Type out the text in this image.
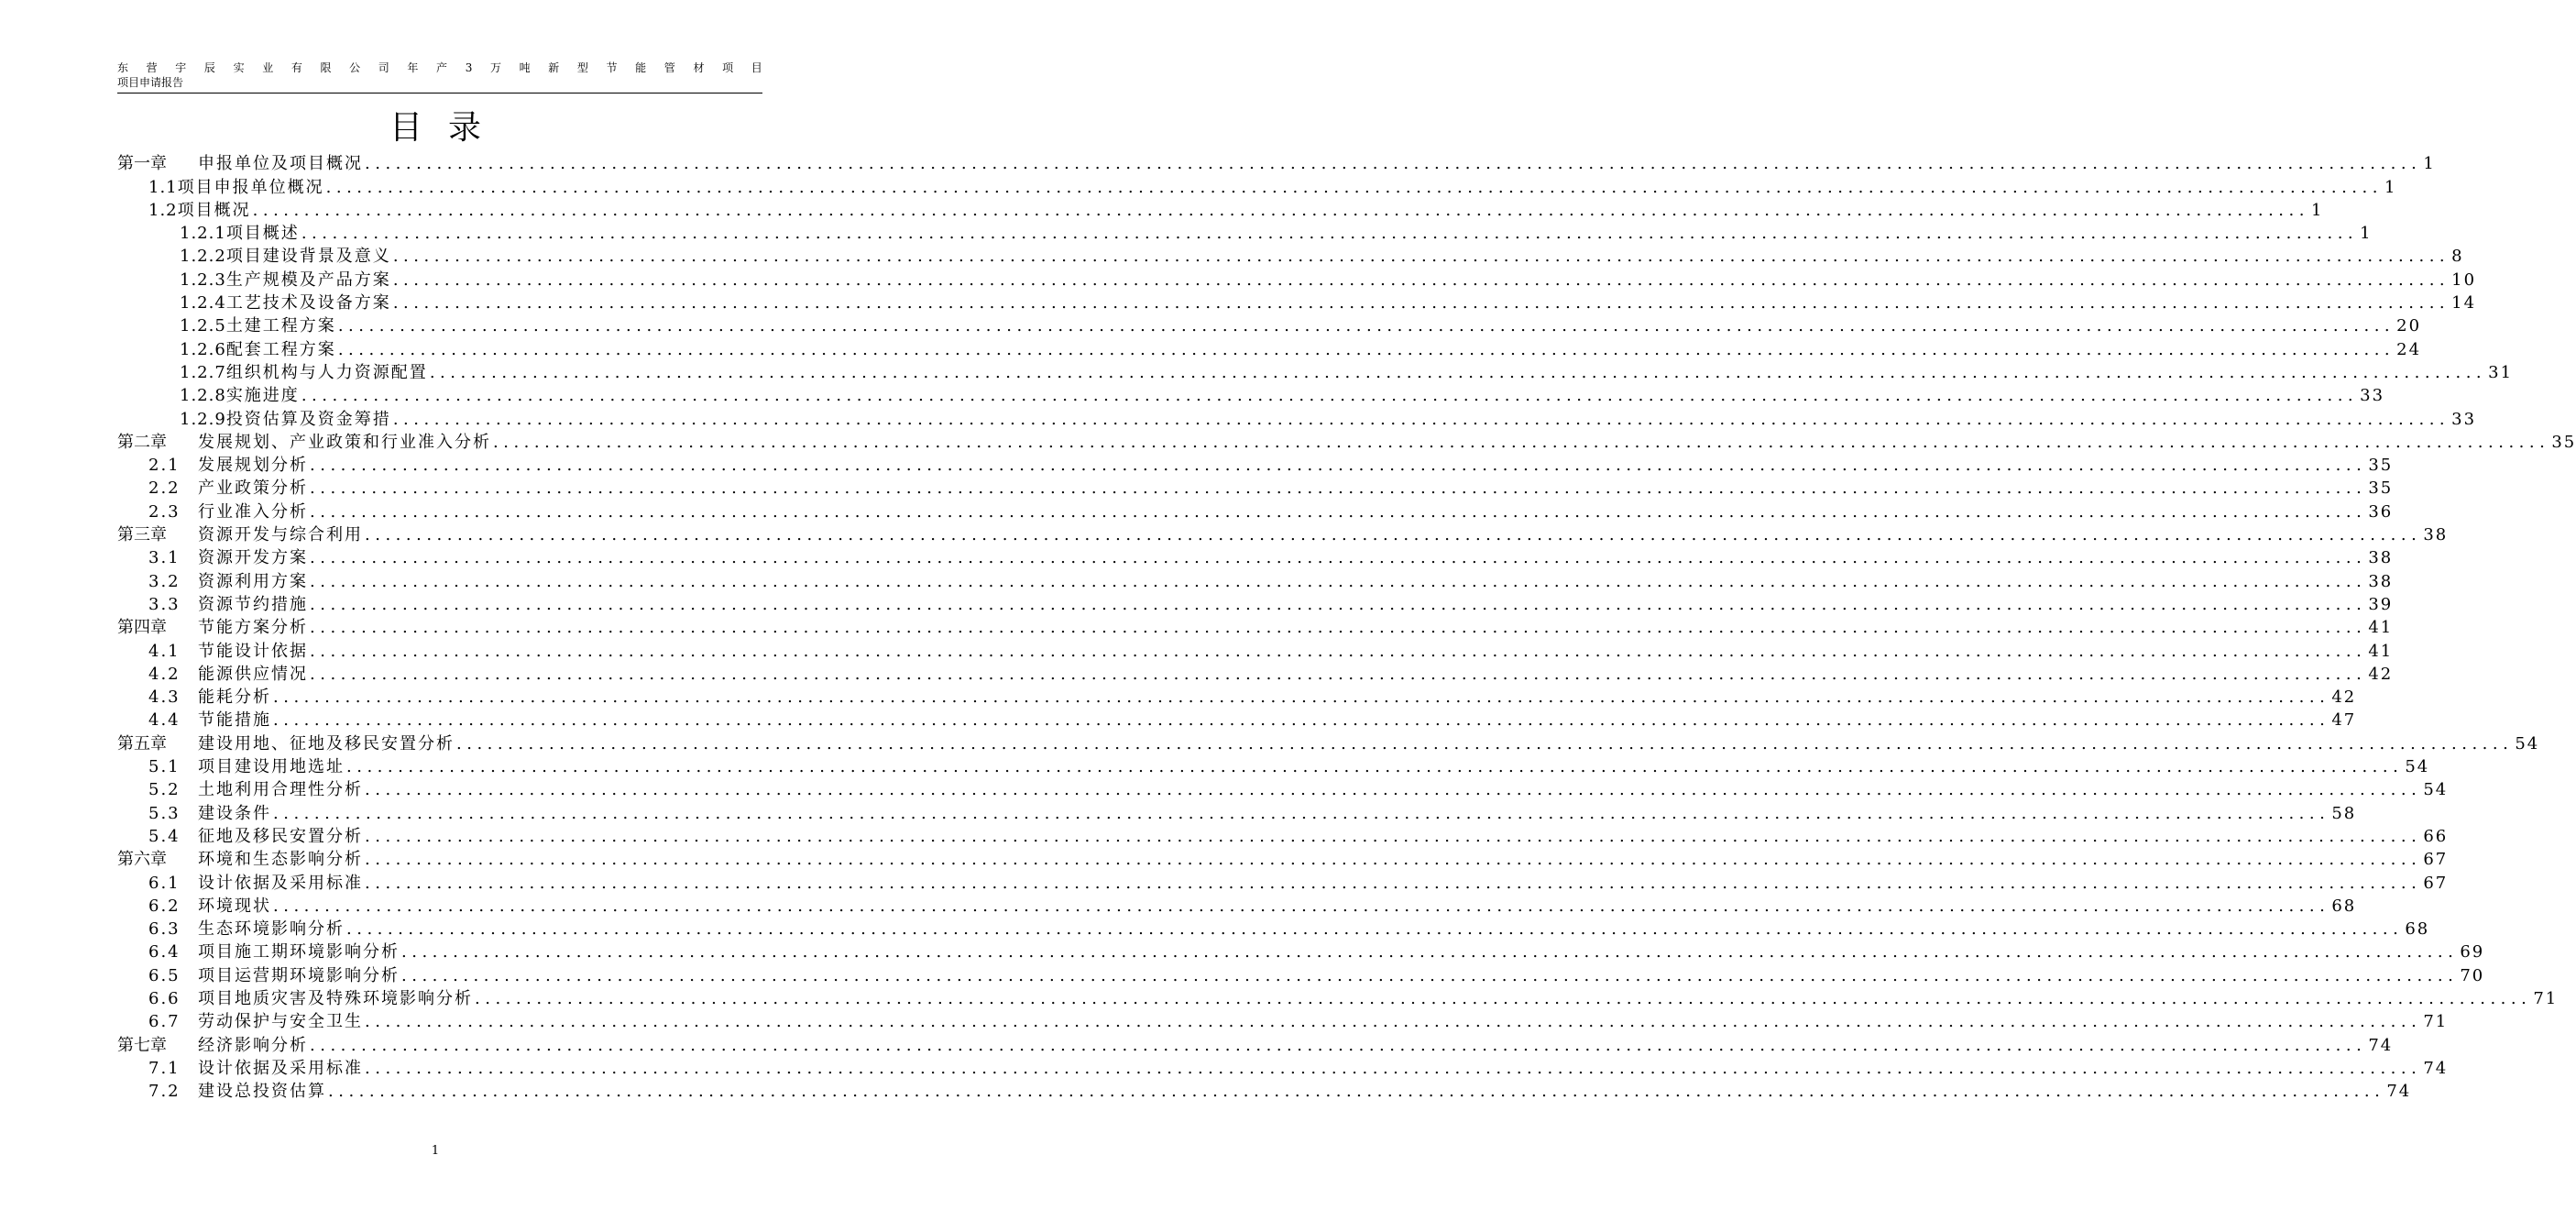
东 营 宇 辰 实 业 有 限 公 司 年 产 3 万 吨 新 型 节 能 管 材 项 目
项目申请报告
目录
第一章	申报单位及项目概况 ........................................................................................................................................................................................................ 1
1.1 项目申报单位概况 ........................................................................................................................................................................................................ 1
1.2 项目概况 ........................................................................................................................................................................................................ 1
1.2.1 项目概述 ........................................................................................................................................................................................................ 1
1.2.2 项目建设背景及意义 ........................................................................................................................................................................................................ 8
1.2.3 生产规模及产品方案 ........................................................................................................................................................................................................ 10
1.2.4 工艺技术及设备方案 ........................................................................................................................................................................................................ 14
1.2.5 土建工程方案 ........................................................................................................................................................................................................ 20
1.2.6 配套工程方案 ........................................................................................................................................................................................................ 24
1.2.7 组织机构与人力资源配置 ........................................................................................................................................................................................................ 31
1.2.8 实施进度 ........................................................................................................................................................................................................ 33
1.2.9 投资估算及资金筹措 ........................................................................................................................................................................................................ 33
第二章	发展规划、产业政策和行业准入分析 ........................................................................................................................................................................................................ 35
2.1	发展规划分析 ........................................................................................................................................................................................................ 35
2.2	产业政策分析 ........................................................................................................................................................................................................ 35
2.3	行业准入分析 ........................................................................................................................................................................................................ 36
第三章	资源开发与综合利用 ........................................................................................................................................................................................................ 38
3.1	资源开发方案 ........................................................................................................................................................................................................ 38
3.2	资源利用方案 ........................................................................................................................................................................................................ 38
3.3	资源节约措施 ........................................................................................................................................................................................................ 39
第四章	节能方案分析 ........................................................................................................................................................................................................ 41
4.1	节能设计依据 ........................................................................................................................................................................................................ 41
4.2	能源供应情况 ........................................................................................................................................................................................................ 42
4.3	能耗分析 ........................................................................................................................................................................................................ 42
4.4	节能措施 ........................................................................................................................................................................................................ 47
第五章	建设用地、征地及移民安置分析 ........................................................................................................................................................................................................ 54
5.1	项目建设用地选址 ........................................................................................................................................................................................................ 54
5.2	土地利用合理性分析 ........................................................................................................................................................................................................ 54
5.3	建设条件 ........................................................................................................................................................................................................ 58
5.4	征地及移民安置分析 ........................................................................................................................................................................................................ 66
第六章	环境和生态影响分析 ........................................................................................................................................................................................................ 67
6.1	设计依据及采用标准 ........................................................................................................................................................................................................ 67
6.2	环境现状 ........................................................................................................................................................................................................ 68
6.3	生态环境影响分析 ........................................................................................................................................................................................................ 68
6.4	项目施工期环境影响分析 ........................................................................................................................................................................................................ 69
6.5	项目运营期环境影响分析 ........................................................................................................................................................................................................ 70
6.6	项目地质灾害及特殊环境影响分析 ........................................................................................................................................................................................................ 71
6.7	劳动保护与安全卫生 ........................................................................................................................................................................................................ 71
第七章	经济影响分析 ........................................................................................................................................................................................................ 74
7.1	设计依据及采用标准 ........................................................................................................................................................................................................ 74
7.2	建设总投资估算 ........................................................................................................................................................................................................ 74
1
